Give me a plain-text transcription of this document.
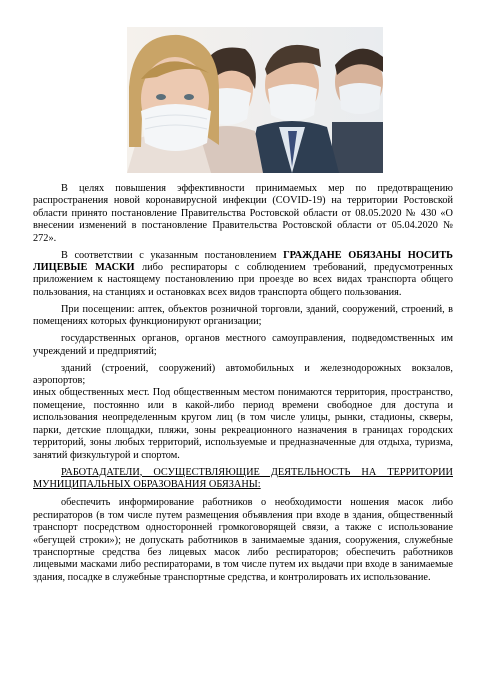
В целях повышения эффективности принимаемых мер по предотвращению распространения новой коронавирусной инфекции (COVID-19) на территории Ростовской области принято постановление Правительства Ростовской области от 08.05.2020 № 430 «О внесении изменений в постановление Правительства Ростовской области от 05.04.2020 № 272».

В соответствии с указанным постановлением ГРАЖДАНЕ ОБЯЗАНЫ НОСИТЬ ЛИЦЕВЫЕ МАСКИ либо респираторы с соблюдением требований, предусмотренных приложением к настоящему постановлению при проезде во всех видах транспорта общего пользования, на станциях и остановках всех видов транспорта общего пользования.

При посещении: аптек, объектов розничной торговли, зданий, сооружений, строений, в помещениях которых функционируют организации;

государственных органов, органов местного самоуправления, подведомственных им учреждений и предприятий;

зданий (строений, сооружений) автомобильных и железнодорожных вокзалов, аэропортов;

иных общественных мест. Под общественным местом понимаются территория, пространство, помещение, постоянно или в какой-либо период времени свободное для доступа и использования неопределенным кругом лиц (в том числе улицы, рынки, стадионы, скверы, парки, детские площадки, пляжи, зоны рекреационного назначения в границах городских территорий, зоны любых территорий, используемые и предназначенные для отдыха, туризма, занятий физкультурой и спортом.

РАБОТАДАТЕЛИ, ОСУЩЕСТВЛЯЮЩИЕ ДЕЯТЕЛЬНОСТЬ НА ТЕРРИТОРИИ МУНИЦИПАЛЬНЫХ ОБРАЗОВАНИЯ ОБЯЗАНЫ:

обеспечить информирование работников о необходимости ношения масок либо респираторов (в том числе путем размещения объявления при входе в здания, общественный транспорт посредством односторонней громкоговорящей связи, а также с использование «бегущей строки»); не допускать работников в занимаемые здания, сооружения, служебные транспортные средства без лицевых масок либо респираторов; обеспечить работников лицевыми масками либо респираторами, в том числе путем их выдачи при входе в занимаемые здания, посадке в служебные транспортные средства, и контролировать их использование.
